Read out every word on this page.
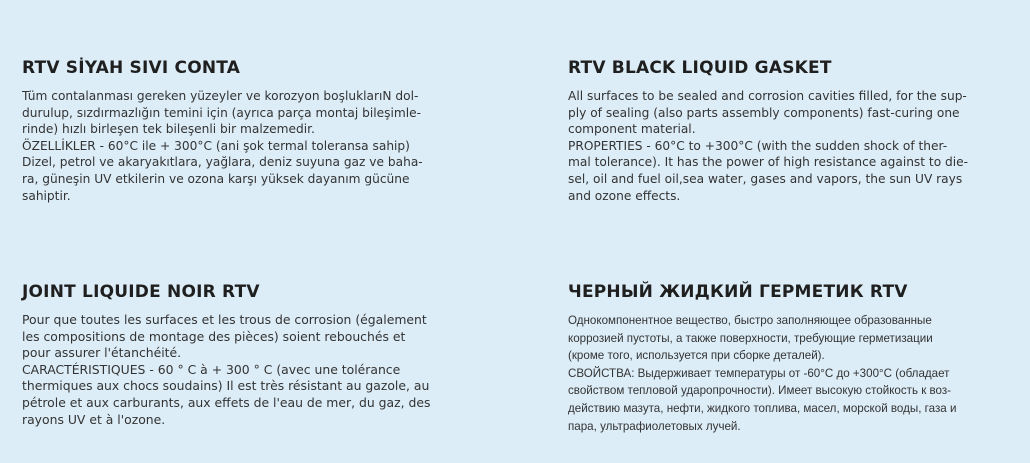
RTV SİYAH SIVI CONTA

Tüm contalanması gereken yüzeyler ve korozyon boşluklarıN dol-
durulup, sızdırmazlığın temini için (ayrıca parça montaj bileşimle-
rinde) hızlı birleşen tek bileşenli bir malzemedir.
ÖZELLİKLER - 60°C ile + 300°C (ani şok termal toleransa sahip)
Dizel, petrol ve akaryakıtlara, yağlara, deniz suyuna gaz ve baha-
ra, güneşin UV etkilerin ve ozona karşı yüksek dayanım gücüne
sahiptir.

RTV BLACK LIQUID GASKET

All surfaces to be sealed and corrosion cavities filled, for the sup-
ply of sealing (also parts assembly components) fast-curing one
component material.
PROPERTIES - 60°C to +300°C (with the sudden shock of ther-
mal tolerance). It has the power of high resistance against to die-
sel, oil and fuel oil,sea water, gases and vapors, the sun UV rays
and ozone effects.

JOINT LIQUIDE NOIR RTV

Pour que toutes les surfaces et les trous de corrosion (également
les compositions de montage des pièces) soient rebouchés et
pour assurer l'étanchéité.
CARACTÉRISTIQUES - 60 ° C à + 300 ° C (avec une tolérance
thermiques aux chocs soudains) Il est très résistant au gazole, au
pétrole et aux carburants, aux effets de l'eau de mer, du gaz, des
rayons UV et à l'ozone.

ЧЕРНЫЙ ЖИДКИЙ ГЕРМЕТИК RTV

Однокомпонентное вещество, быстро заполняющее образованные
коррозией пустоты, а также поверхности, требующие герметизации
(кроме того, используется при сборке деталей).
СВОЙСТВА: Выдерживает температуры от -60°С до +300°С (обладает
свойством тепловой ударопрочности). Имеет высокую стойкость к воз-
действию мазута, нефти, жидкого топлива, масел, морской воды, газа и
пара, ультрафиолетовых лучей.
